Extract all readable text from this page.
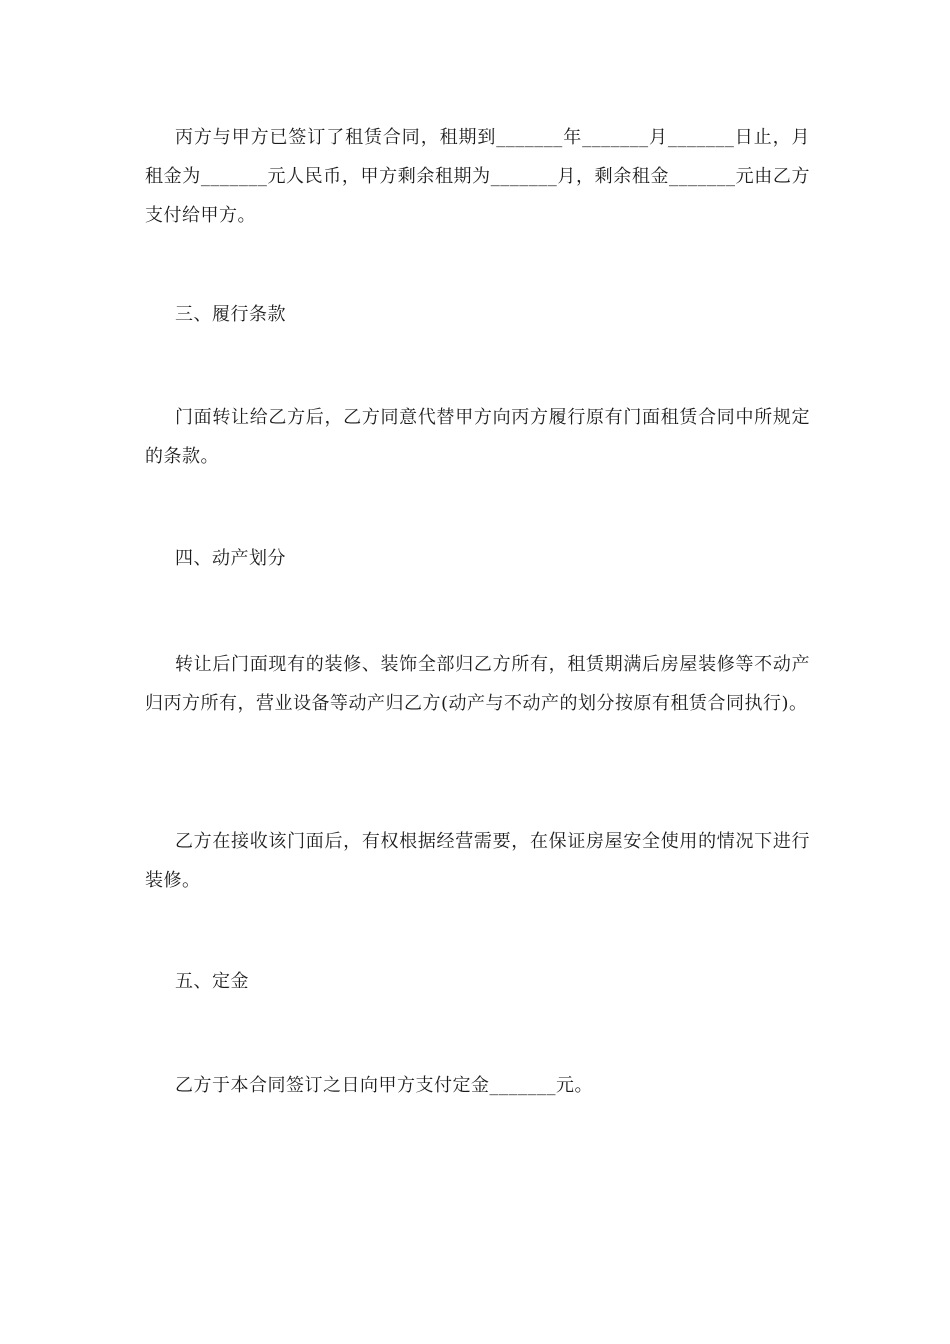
丙方与甲方已签订了租赁合同，租期到_______年_______月_______日止，月租金为_______元人民币，甲方剩余租期为_______月，剩余租金_______元由乙方支付给甲方。

三、履行条款

门面转让给乙方后，乙方同意代替甲方向丙方履行原有门面租赁合同中所规定的条款。

四、动产划分

转让后门面现有的装修、装饰全部归乙方所有，租赁期满后房屋装修等不动产归丙方所有，营业设备等动产归乙方(动产与不动产的划分按原有租赁合同执行)。

乙方在接收该门面后，有权根据经营需要，在保证房屋安全使用的情况下进行装修。

五、定金

乙方于本合同签订之日向甲方支付定金_______元。
